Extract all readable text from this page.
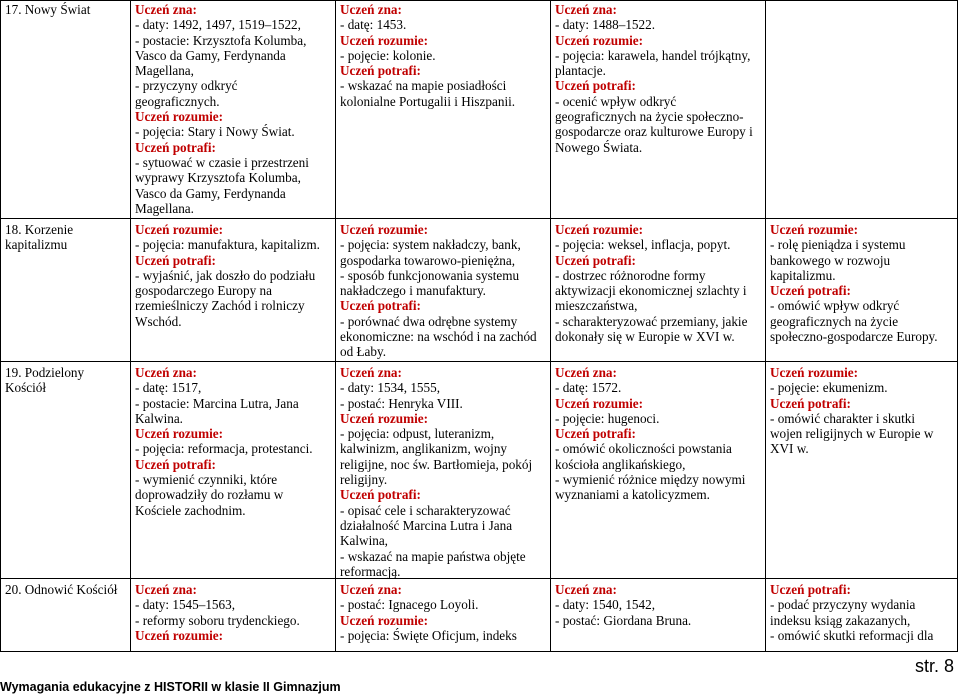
17. Nowy Świat	Uczeń zna:
- daty: 1492, 1497, 1519‒1522,
- postacie: Krzysztofa Kolumba,
Vasco da Gamy, Ferdynanda
Magellana,
- przyczyny odkryć
geograficznych.
Uczeń rozumie:
- pojęcia: Stary i Nowy Świat.
Uczeń potrafi:
- sytuować w czasie i przestrzeni
wyprawy Krzysztofa Kolumba,
Vasco da Gamy, Ferdynanda
Magellana.
Uczeń zna:
- datę: 1453.
Uczeń rozumie:
- pojęcie: kolonie.
Uczeń potrafi:
- wskazać na mapie posiadłości
kolonialne Portugalii i Hiszpanii.
Uczeń zna:
- daty: 1488‒1522.
Uczeń rozumie:
- pojęcia: karawela, handel trójkątny,
plantacje.
Uczeń potrafi:
- ocenić wpływ odkryć
geograficznych na życie społeczno-
gospodarcze oraz kulturowe Europy i
Nowego Świata.
18. Korzenie kapitalizmu
Uczeń rozumie:
- pojęcia: manufaktura, kapitalizm.
Uczeń potrafi:
- wyjaśnić, jak doszło do podziału
gospodarczego Europy na
rzemieślniczy Zachód i rolniczy
Wschód.
Uczeń rozumie:
- pojęcia: system nakładczy, bank,
gospodarka towarowo-pieniężna,
- sposób funkcjonowania systemu
nakładczego i manufaktury.
Uczeń potrafi:
- porównać dwa odrębne systemy
ekonomiczne: na wschód i na zachód
od Łaby.
Uczeń rozumie:
- pojęcia: weksel, inflacja, popyt.
Uczeń potrafi:
- dostrzec różnorodne formy
aktywizacji ekonomicznej szlachty i
mieszczaństwa,
- scharakteryzować przemiany, jakie
dokonały się w Europie w XVI w.
Uczeń rozumie:
- rolę pieniądza i systemu
bankowego w rozwoju
kapitalizmu.
Uczeń potrafi:
- omówić wpływ odkryć
geograficznych na życie
społeczno-gospodarcze Europy.
19. Podzielony Kościół
Uczeń zna:
- datę: 1517,
- postacie: Marcina Lutra, Jana
Kalwina.
Uczeń rozumie:
- pojęcia: reformacja, protestanci.
Uczeń potrafi:
- wymienić czynniki, które
doprowadziły do rozłamu w
Kościele zachodnim.
Uczeń zna:
- daty: 1534, 1555,
- postać: Henryka VIII.
Uczeń rozumie:
- pojęcia: odpust, luteranizm,
kalwinizm, anglikanizm, wojny
religijne, noc św. Bartłomieja, pokój
religijny.
Uczeń potrafi:
- opisać cele i scharakteryzować
działalność Marcina Lutra i Jana
Kalwina,
- wskazać na mapie państwa objęte
reformacją.
Uczeń zna:
- datę: 1572.
Uczeń rozumie:
- pojęcie: hugenoci.
Uczeń potrafi:
- omówić okoliczności powstania
kościoła anglikańskiego,
- wymienić różnice między nowymi
wyznaniami a katolicyzmem.
Uczeń rozumie:
- pojęcie: ekumenizm.
Uczeń potrafi:
- omówić charakter i skutki
wojen religijnych w Europie w
XVI w.
20. Odnowić Kościół Uczeń zna:
- daty: 1545‒1563,
- reformy soboru trydenckiego.
Uczeń rozumie:
Uczeń zna:
- postać: Ignacego Loyoli.
Uczeń rozumie:
- pojęcia: Święte Oficjum, indeks
Uczeń zna:
- daty: 1540, 1542,
- postać: Giordana Bruna.
Uczeń potrafi:
- podać przyczyny wydania
indeksu ksiąg zakazanych,
- omówić skutki reformacji dla
Wymagania edukacyjne z HISTORII w klasie II Gimnazjum
str. 8
